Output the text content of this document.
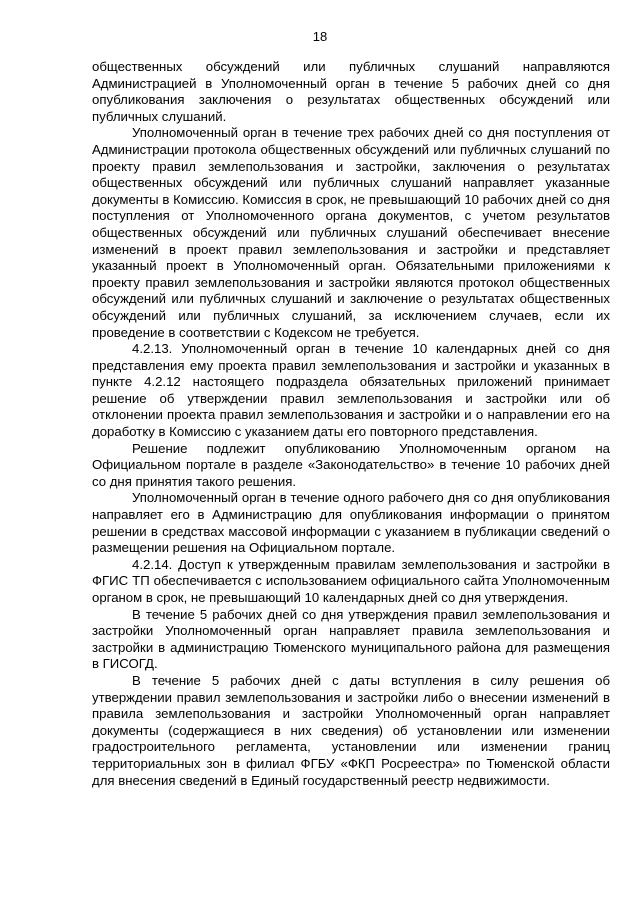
18

общественных обсуждений или публичных слушаний направляются Администрацией в Уполномоченный орган в течение 5 рабочих дней со дня опубликования заключения о результатах общественных обсуждений или публичных слушаний.

Уполномоченный орган в течение трех рабочих дней со дня поступления от Администрации протокола общественных обсуждений или публичных слушаний по проекту правил землепользования и застройки, заключения о результатах общественных обсуждений или публичных слушаний направляет указанные документы в Комиссию. Комиссия в срок, не превышающий 10 рабочих дней со дня поступления от Уполномоченного органа документов, с учетом результатов общественных обсуждений или публичных слушаний обеспечивает внесение изменений в проект правил землепользования и застройки и представляет указанный проект в Уполномоченный орган. Обязательными приложениями к проекту правил землепользования и застройки являются протокол общественных обсуждений или публичных слушаний и заключение о результатах общественных обсуждений или публичных слушаний, за исключением случаев, если их проведение в соответствии с Кодексом не требуется.

4.2.13. Уполномоченный орган в течение 10 календарных дней со дня представления ему проекта правил землепользования и застройки и указанных в пункте 4.2.12 настоящего подраздела обязательных приложений принимает решение об утверждении правил землепользования и застройки или об отклонении проекта правил землепользования и застройки и о направлении его на доработку в Комиссию с указанием даты его повторного представления.

Решение подлежит опубликованию Уполномоченным органом на Официальном портале в разделе «Законодательство» в течение 10 рабочих дней со дня принятия такого решения.

Уполномоченный орган в течение одного рабочего дня со дня опубликования направляет его в Администрацию для опубликования информации о принятом решении в средствах массовой информации с указанием в публикации сведений о размещении решения на Официальном портале.

4.2.14. Доступ к утвержденным правилам землепользования и застройки в ФГИС ТП обеспечивается с использованием официального сайта Уполномоченным органом в срок, не превышающий 10 календарных дней со дня утверждения.

В течение 5 рабочих дней со дня утверждения правил землепользования и застройки Уполномоченный орган направляет правила землепользования и застройки в администрацию Тюменского муниципального района для размещения в ГИСОГД.

В течение 5 рабочих дней с даты вступления в силу решения об утверждении правил землепользования и застройки либо о внесении изменений в правила землепользования и застройки Уполномоченный орган направляет документы (содержащиеся в них сведения) об установлении или изменении градостроительного регламента, установлении или изменении границ территориальных зон в филиал ФГБУ «ФКП Росреестра» по Тюменской области для внесения сведений в Единый государственный реестр недвижимости.
